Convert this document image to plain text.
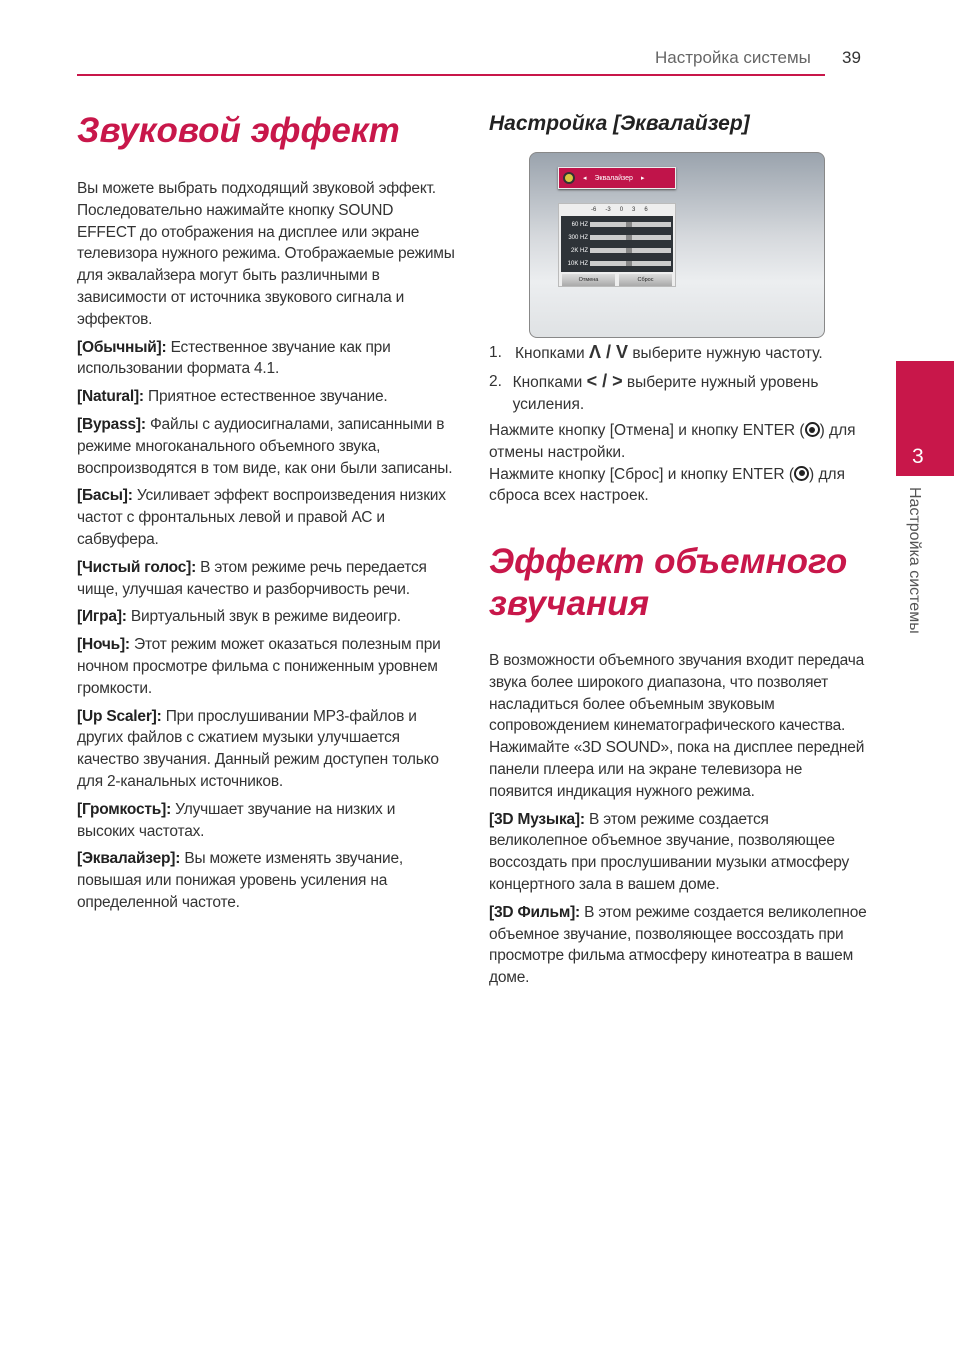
Настройка системы 39
Звуковой эффект

Вы можете выбрать подходящий звуковой эффект. Последовательно нажимайте кнопку SOUND EFFECT до отображения на дисплее или экране телевизора нужного режима. Отображаемые режимы для эквалайзера могут быть различными в зависимости от источника звукового сигнала и эффектов.

[Обычный]: Естественное звучание как при использовании формата 4.1.

[Natural]: Приятное естественное звучание.

[Bypass]: Файлы с аудиосигналами, записанными в режиме многоканального объемного звука, воспроизводятся в том виде, как они были записаны.

[Басы]: Усиливает эффект воспроизведения низких частот с фронтальных левой и правой АС и сабвуфера.

[Чистый голос]: В этом режиме речь передается чище, улучшая качество и разборчивость речи.

[Игра]: Виртуальный звук в режиме видеоигр.

[Ночь]: Этот режим может оказаться полезным при ночном просмотре фильма с пониженным уровнем громкости.

[Up Scaler]: При прослушивании MP3-файлов и других файлов с сжатием музыки улучшается качество звучания. Данный режим доступен только для 2-канальных источников.

[Громкость]: Улучшает звучание на низких и высоких частотах.

[Эквалайзер]: Вы можете изменять звучание, повышая или понижая уровень усиления на определенной частоте.

Настройка [Эквалайзер]
◂ Эквалайзер ▸
-6 -3 0 3 6
60 HZ
300 HZ
2K HZ
10K HZ
Отмена	Сброс
1. Кнопками Λ / V выберите нужную частоту.
2. Кнопками < / > выберите нужный уровень усиления.
Нажмите кнопку [Отмена] и кнопку ENTER ( ) для отмены настройки.
Нажмите кнопку [Сброс] и кнопку ENTER ( ) для сброса всех настроек.
Эффект объемного звучания

В возможности объемного звучания входит передача звука более широкого диапазона, что позволяет насладиться более объемным звуковым сопровождением кинематографического качества. Нажимайте «3D SOUND», пока на дисплее передней панели плеера или на экране телевизора не появится индикация нужного режима.

[3D Музыка]: В этом режиме создается великолепное объемное звучание, позволяющее воссоздать при прослушивании музыки атмосферу концертного зала в вашем доме.

[3D Фильм]: В этом режиме создается великолепное объемное звучание, позволяющее воссоздать при просмотре фильма атмосферу кинотеатра в вашем доме.

3
Настройка системы
